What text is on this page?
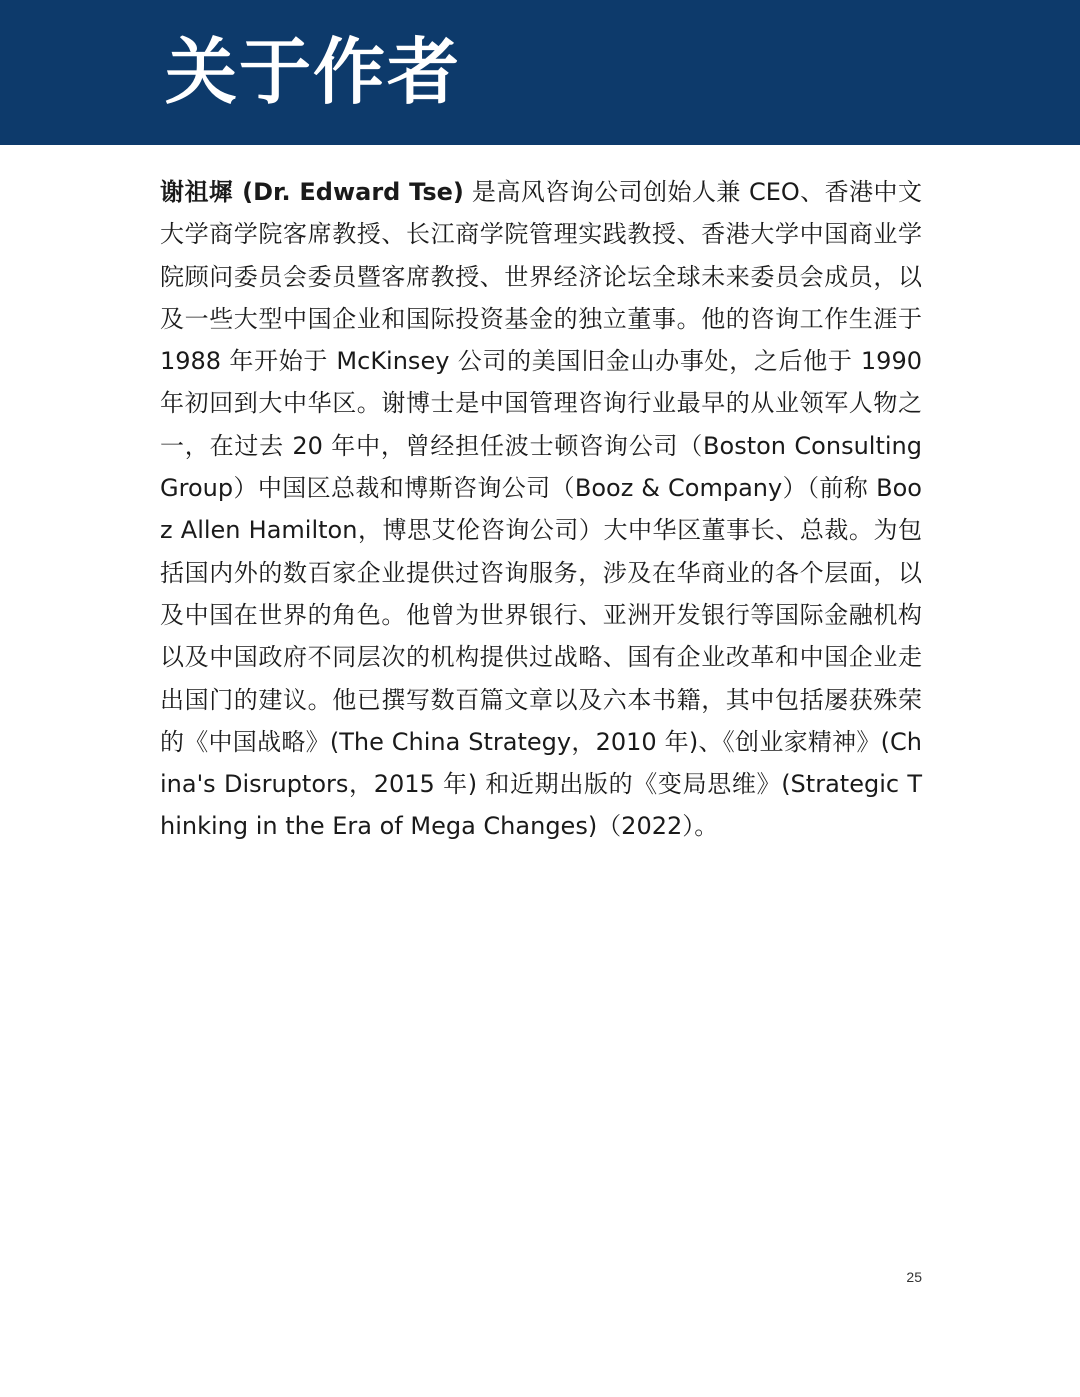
关于作者

谢祖墀 (Dr. Edward Tse) 是高风咨询公司创始人兼 CEO、香港中文大学商学院客席教授、长江商学院管理实践教授、香港大学中国商业学院顾问委员会委员暨客席教授、世界经济论坛全球未来委员会成员，以及一些大型中国企业和国际投资基金的独立董事。他的咨询工作生涯于 1988 年开始于 McKinsey 公司的美国旧金山办事处，之后他于 1990 年初回到大中华区。谢博士是中国管理咨询行业最早的从业领军人物之一，在过去 20 年中，曾经担任波士顿咨询公司（Boston Consulting Group）中国区总裁和博斯咨询公司（Booz & Company）（前称 Booz Allen Hamilton，博思艾伦咨询公司）大中华区董事长、总裁。为包括国内外的数百家企业提供过咨询服务，涉及在华商业的各个层面，以及中国在世界的角色。他曾为世界银行、亚洲开发银行等国际金融机构以及中国政府不同层次的机构提供过战略、国有企业改革和中国企业走出国门的建议。他已撰写数百篇文章以及六本书籍，其中包括屡获殊荣的《中国战略》(The China Strategy，2010 年)、《创业家精神》(China's Disruptors，2015 年) 和近期出版的《变局思维》(Strategic Thinking in the Era of Mega Changes)（2022）。

25
